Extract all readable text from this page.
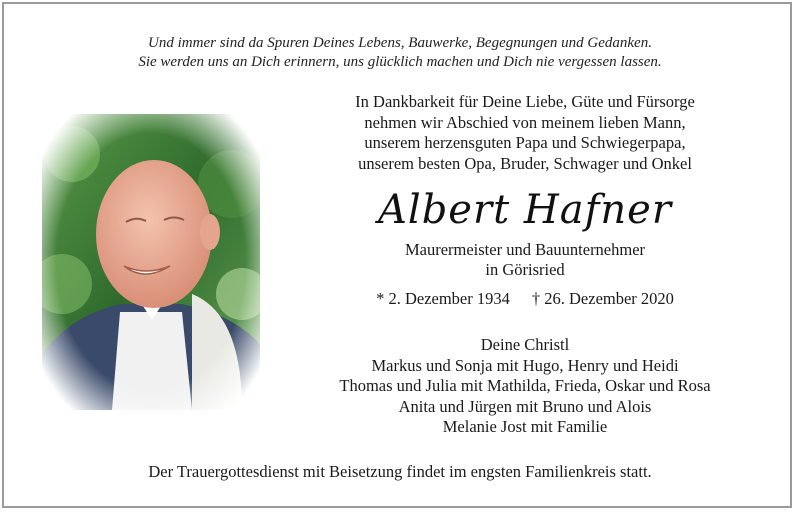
Und immer sind da Spuren Deines Lebens, Bauwerke, Begegnungen und Gedanken.
Sie werden uns an Dich erinnern, uns glücklich machen und Dich nie vergessen lassen.
In Dankbarkeit für Deine Liebe, Güte und Fürsorge
nehmen wir Abschied von meinem lieben Mann,
unserem herzensguten Papa und Schwiegerpapa,
unserem besten Opa, Bruder, Schwager und Onkel
Albert Hafner
Maurermeister und Bauunternehmer
in Görisried
* 2. Dezember 1934 † 26. Dezember 2020
Deine Christl
Markus und Sonja mit Hugo, Henry und Heidi
Thomas und Julia mit Mathilda, Frieda, Oskar und Rosa
Anita und Jürgen mit Bruno und Alois
Melanie Jost mit Familie
Der Trauergottesdienst mit Beisetzung findet im engsten Familienkreis statt.
